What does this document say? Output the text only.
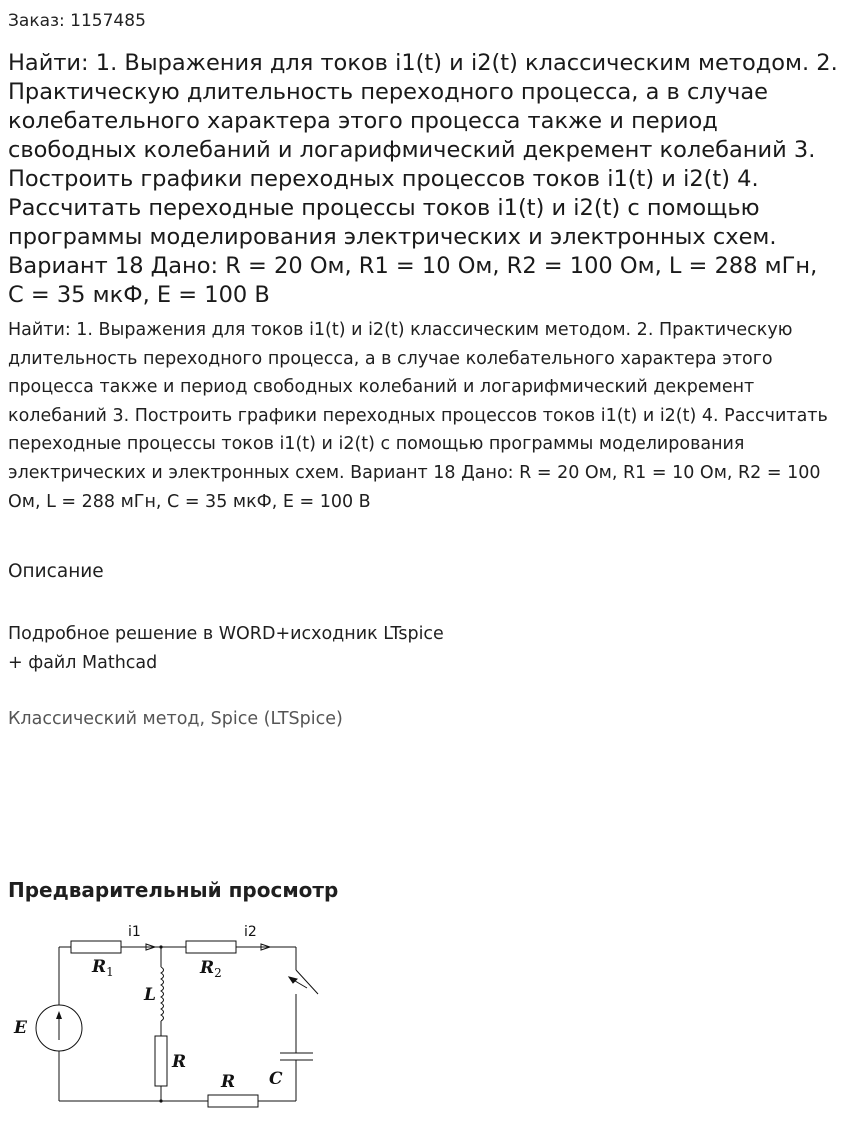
Заказ: 1157485
Найти: 1. Выражения для токов i1(t) и i2(t) классическим методом. 2. Практическую длительность переходного процесса, а в случае колебательного характера этого процесса также и период свободных колебаний и логарифмический декремент колебаний 3. Построить графики переходных процессов токов i1(t) и i2(t) 4. Рассчитать переходные процессы токов i1(t) и i2(t) с помощью программы моделирования электрических и электронных схем. Вариант 18 Дано: R = 20 Ом, R1 = 10 Ом, R2 = 100 Ом, L = 288 мГн, С = 35 мкФ, Е = 100 В

Найти: 1. Выражения для токов i1(t) и i2(t) классическим методом. 2. Практическую длительность переходного процесса, а в случае колебательного характера этого процесса также и период свободных колебаний и логарифмический декремент колебаний 3. Построить графики переходных процессов токов i1(t) и i2(t) 4. Рассчитать переходные процессы токов i1(t) и i2(t) с помощью программы моделирования электрических и электронных схем. Вариант 18 Дано: R = 20 Ом, R1 = 10 Ом, R2 = 100 Ом, L = 288 мГн, С = 35 мкФ, Е = 100 В

Описание

Подробное решение в WORD+исходник LTspice
+ файл Mathcad

Классический метод, Spice (LTSpice)

Предварительный просмотр
i1	i2
$R_1$	$R_2$
L
R
R C
E
